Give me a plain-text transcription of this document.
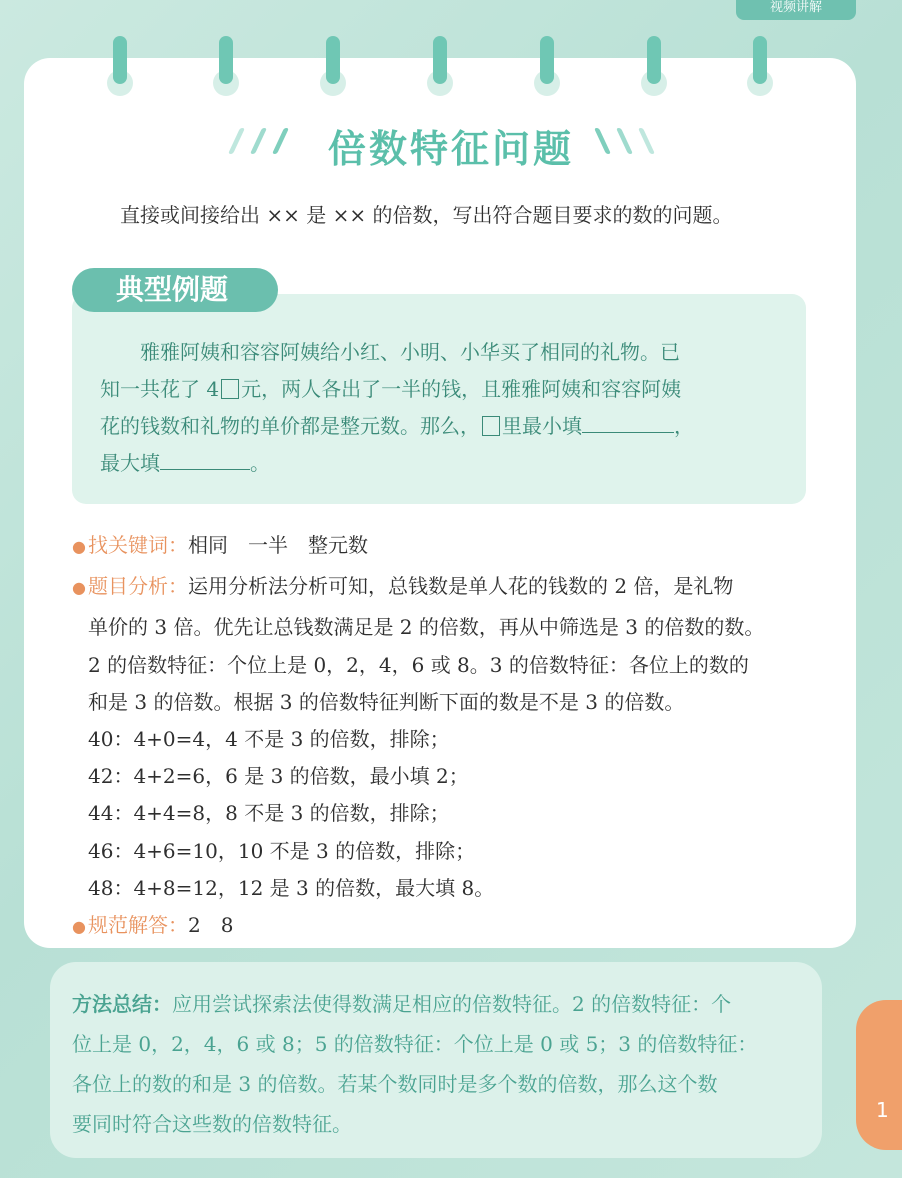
视频讲解
倍数特征问题
直接或间接给出 ×× 是 ×× 的倍数，写出符合题目要求的数的问题。
典型例题
　　雅雅阿姨和容容阿姨给小红、小明、小华买了相同的礼物。已
知一共花了 4 元，两人各出了一半的钱，且雅雅阿姨和容容阿姨
花的钱数和礼物的单价都是整元数。那么， 里最小填	，
最大填	。
● 找关键词：相同　一半　整元数
● 题目分析：运用分析法分析可知，总钱数是单人花的钱数的 2 倍，是礼物
单价的 3 倍。优先让总钱数满足是 2 的倍数，再从中筛选是 3 的倍数的数。
2 的倍数特征：个位上是 0，2，4，6 或 8。3 的倍数特征：各位上的数的
和是 3 的倍数。根据 3 的倍数特征判断下面的数是不是 3 的倍数。
40：4+0=4，4 不是 3 的倍数，排除；
42：4+2=6，6 是 3 的倍数，最小填 2；
44：4+4=8，8 不是 3 的倍数，排除；
46：4+6=10，10 不是 3 的倍数，排除；
48：4+8=12，12 是 3 的倍数，最大填 8。
● 规范解答：2　8
方法总结：应用尝试探索法使得数满足相应的倍数特征。2 的倍数特征：个
位上是 0，2，4，6 或 8；5 的倍数特征：个位上是 0 或 5；3 的倍数特征：
各位上的数的和是 3 的倍数。若某个数同时是多个数的倍数，那么这个数
要同时符合这些数的倍数特征。
1
